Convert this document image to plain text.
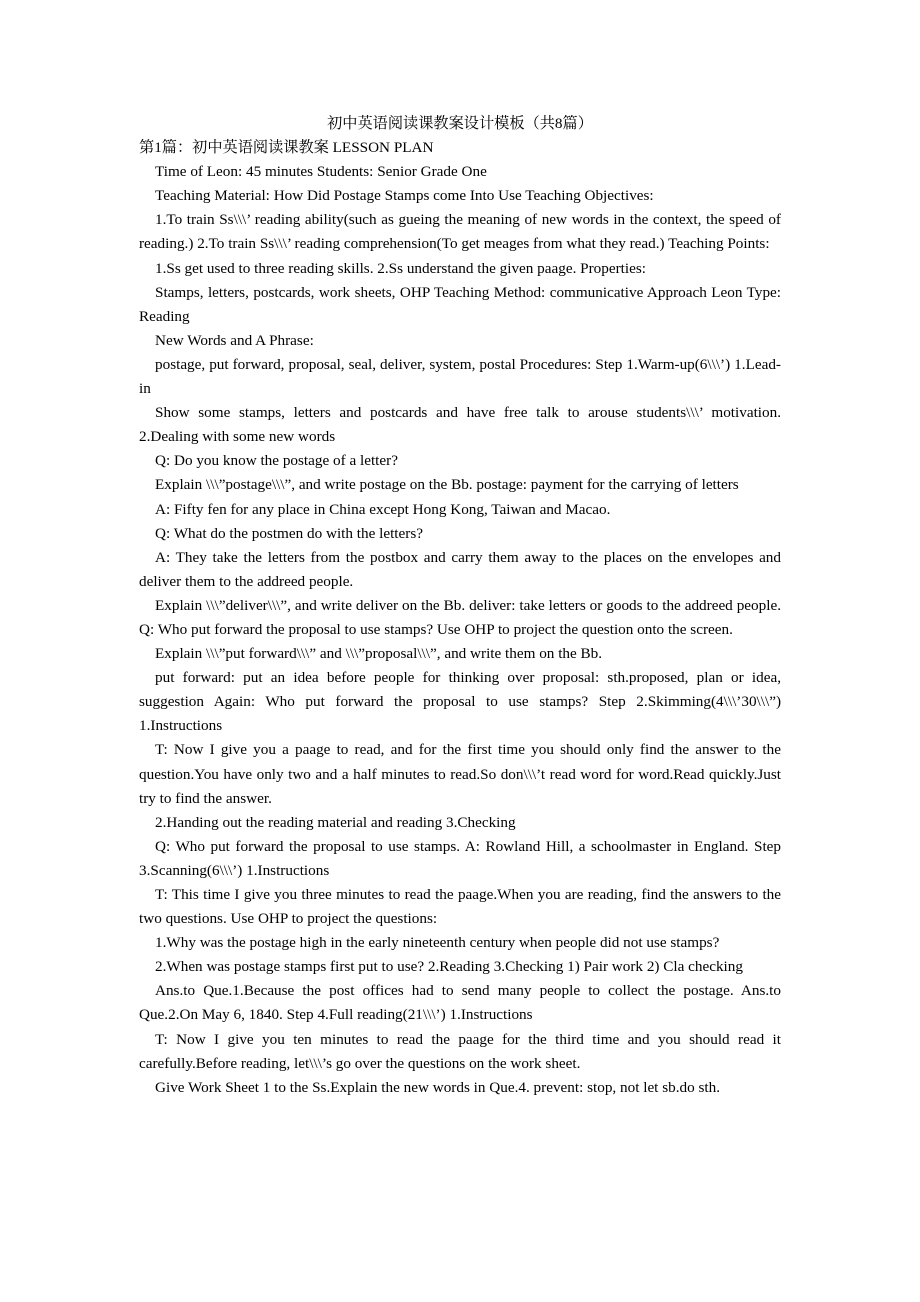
初中英语阅读课教案设计模板（共8篇）

第1篇：初中英语阅读课教案 LESSON PLAN

Time of Leon: 45 minutes Students: Senior Grade One

Teaching Material: How Did Postage Stamps come Into Use Teaching Objectives:

1.To train Ss\\\’ reading ability(such as gueing the meaning of new words in the context, the speed of reading.) 2.To train Ss\\\’ reading comprehension(To get meages from what they read.) Teaching Points:

1.Ss get used to three reading skills. 2.Ss understand the given paage. Properties:

Stamps, letters, postcards, work sheets, OHP Teaching Method: communicative Approach Leon Type: Reading

New Words and A Phrase:

postage, put forward, proposal, seal, deliver, system, postal Procedures: Step 1.Warm-up(6\\\’) 1.Lead-in

Show some stamps, letters and postcards and have free talk to arouse students\\\’ motivation. 2.Dealing with some new words

Q: Do you know the postage of a letter?

Explain \\\”postage\\\”, and write postage on the Bb. postage: payment for the carrying of letters

A: Fifty fen for any place in China except Hong Kong, Taiwan and Macao.

Q: What do the postmen do with the letters?

A: They take the letters from the postbox and carry them away to the places on the envelopes and deliver them to the addreed people.

Explain \\\”deliver\\\”, and write deliver on the Bb. deliver: take letters or goods to the addreed people. Q: Who put forward the proposal to use stamps? Use OHP to project the question onto the screen.

Explain \\\”put forward\\\” and \\\”proposal\\\”, and write them on the Bb.

put forward: put an idea before people for thinking over proposal: sth.proposed, plan or idea, suggestion Again: Who put forward the proposal to use stamps? Step 2.Skimming(4\\\’30\\\”) 1.Instructions

T: Now I give you a paage to read, and for the first time you should only find the answer to the question.You have only two and a half minutes to read.So don\\\’t read word for word.Read quickly.Just try to find the answer.

2.Handing out the reading material and reading 3.Checking

Q: Who put forward the proposal to use stamps. A: Rowland Hill, a schoolmaster in England. Step 3.Scanning(6\\\’) 1.Instructions

T: This time I give you three minutes to read the paage.When you are reading, find the answers to the two questions. Use OHP to project the questions:

1.Why was the postage high in the early nineteenth century when people did not use stamps?

2.When was postage stamps first put to use? 2.Reading 3.Checking 1) Pair work 2) Cla checking

Ans.to Que.1.Because the post offices had to send many people to collect the postage. Ans.to Que.2.On May 6, 1840. Step 4.Full reading(21\\\’) 1.Instructions

T: Now I give you ten minutes to read the paage for the third time and you should read it carefully.Before reading, let\\\’s go over the questions on the work sheet.

Give Work Sheet 1 to the Ss.Explain the new words in Que.4. prevent: stop, not let sb.do sth.
